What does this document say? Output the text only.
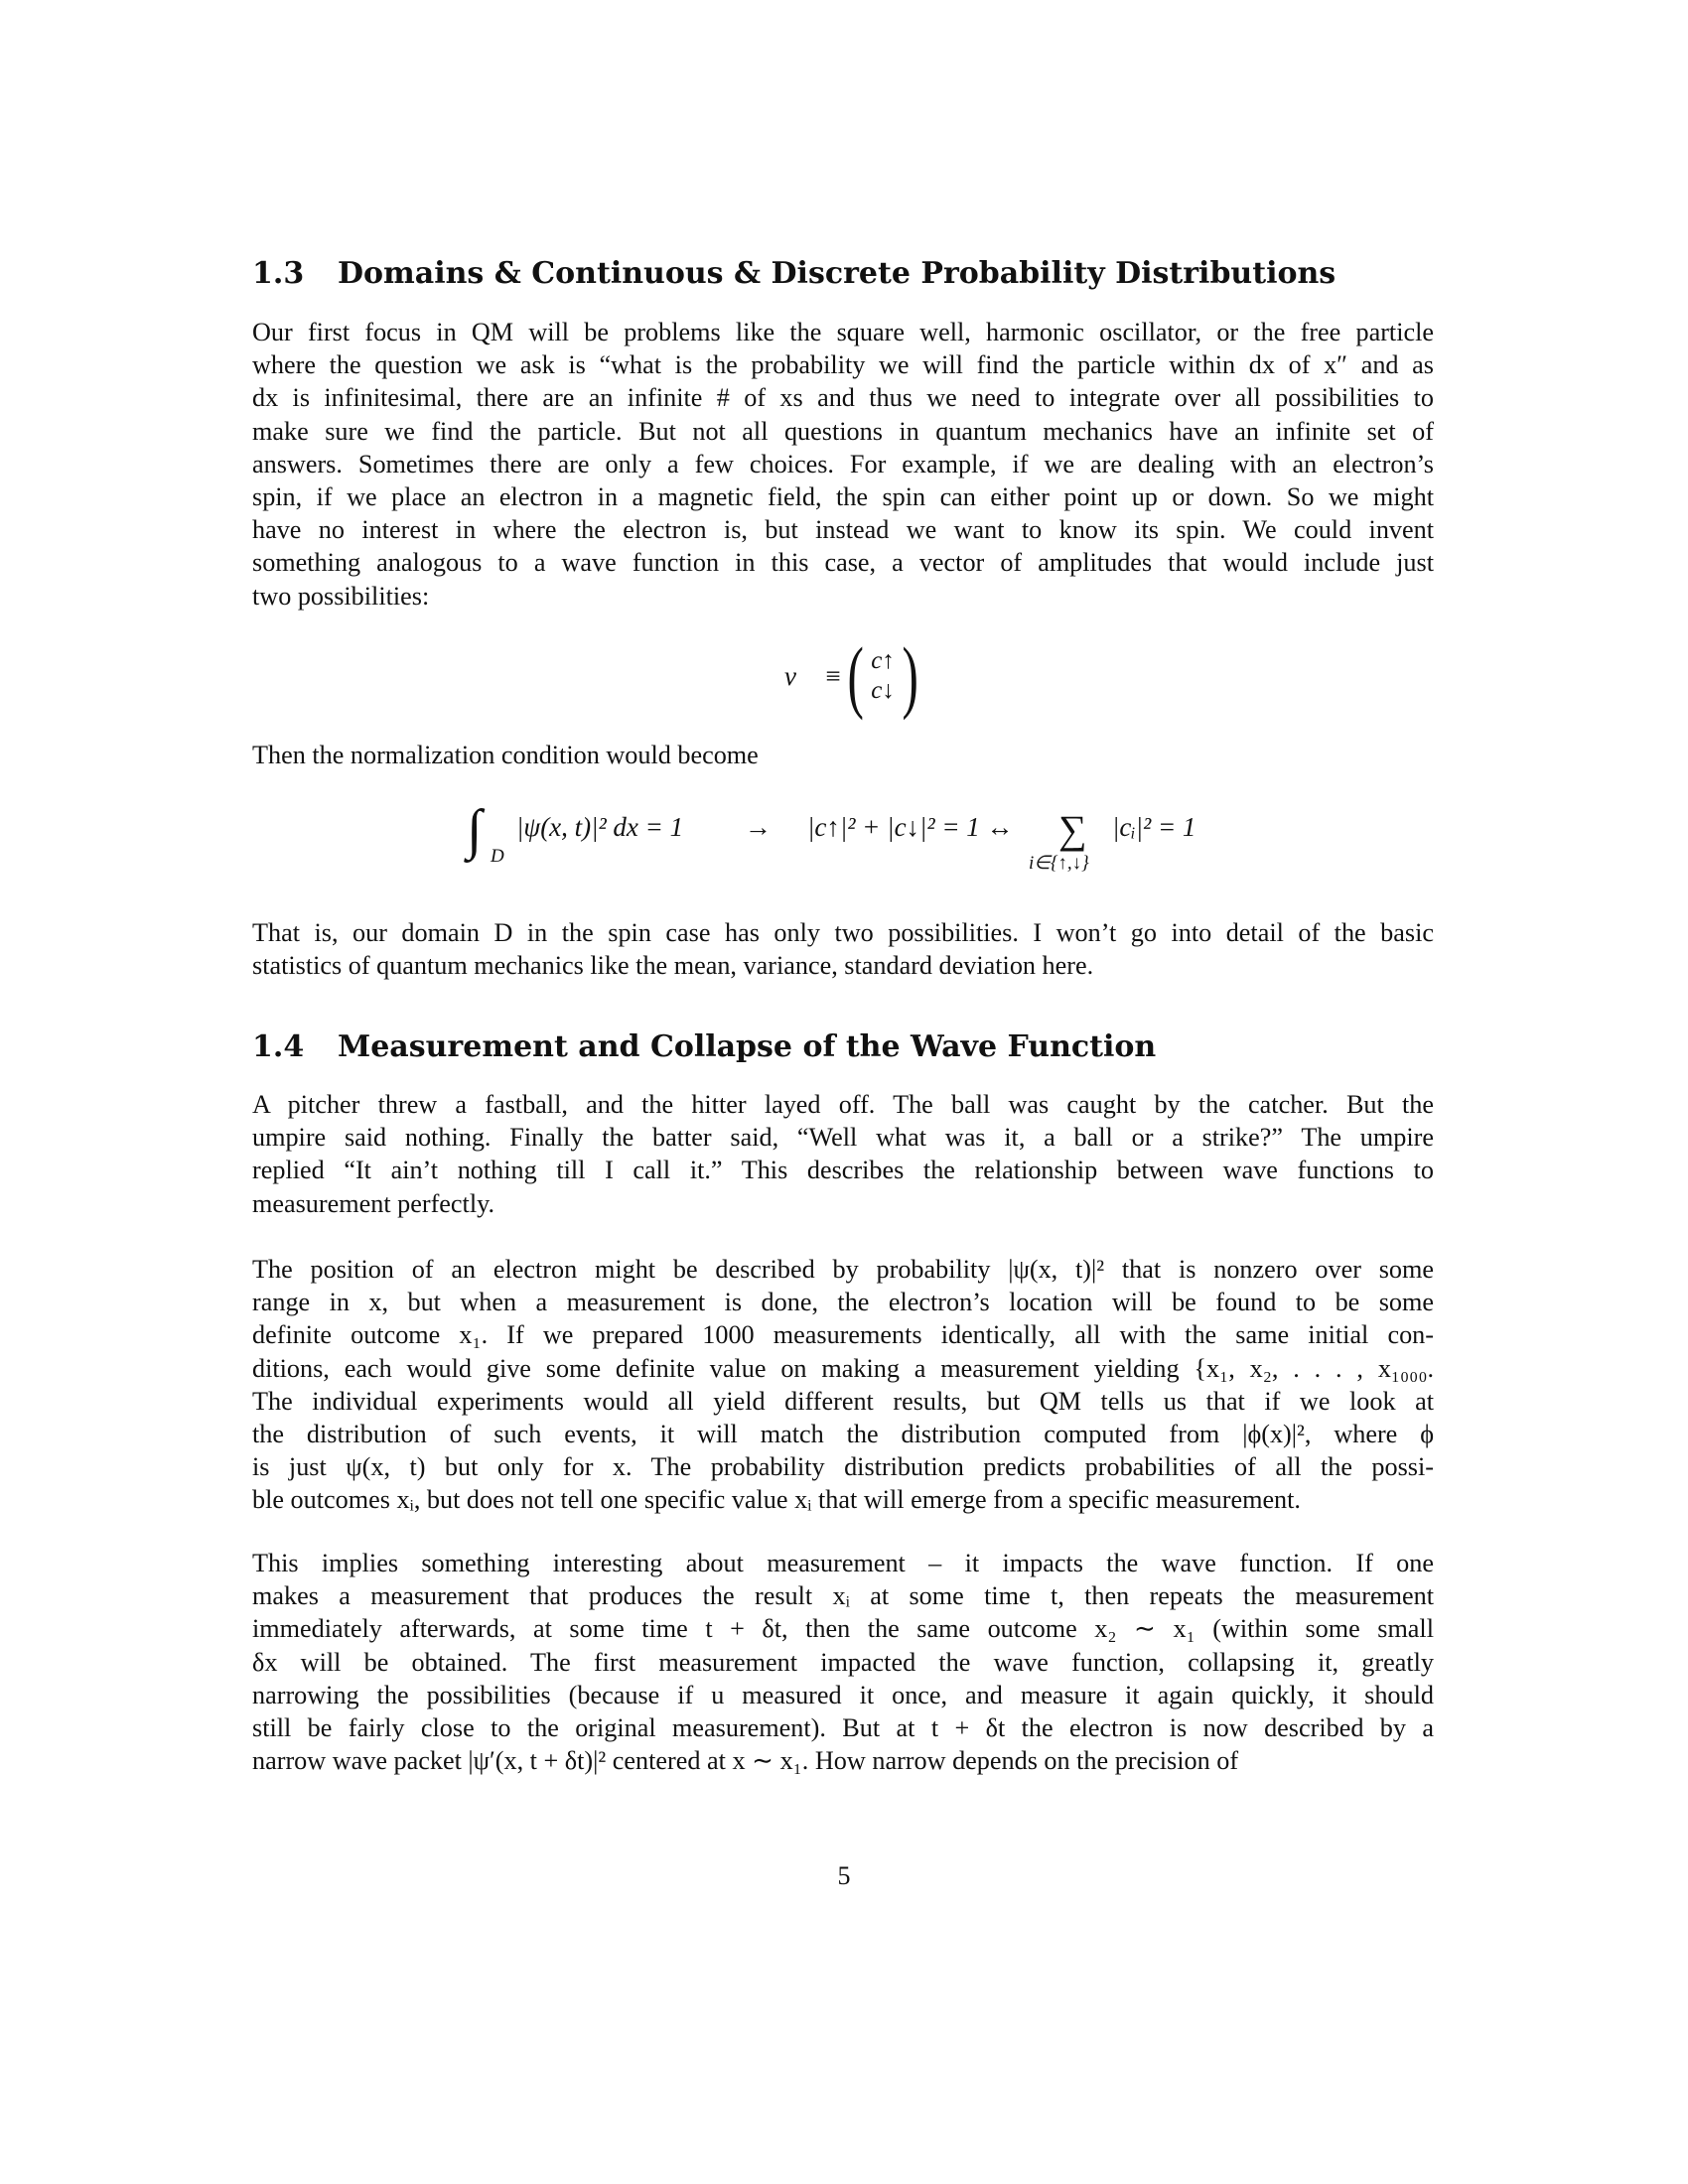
1.3 Domains & Continuous & Discrete Probability Distributions
Our first focus in QM will be problems like the square well, harmonic oscillator, or the free particle
where the question we ask is “what is the probability we will find the particle within dx of x″ and as
dx is infinitesimal, there are an infinite # of xs and thus we need to integrate over all possibilities to
make sure we find the particle. But not all questions in quantum mechanics have an infinite set of
answers. Sometimes there are only a few choices. For example, if we are dealing with an electron’s
spin, if we place an electron in a magnetic field, the spin can either point up or down. So we might
have no interest in where the electron is, but instead we want to know its spin. We could invent
something analogous to a wave function in this case, a vector of amplitudes that would include just
two possibilities:
Then the normalization condition would become
That is, our domain D in the spin case has only two possibilities. I won’t go into detail of the basic
statistics of quantum mechanics like the mean, variance, standard deviation here.
1.4 Measurement and Collapse of the Wave Function
A pitcher threw a fastball, and the hitter layed off. The ball was caught by the catcher. But the
umpire said nothing. Finally the batter said, “Well what was it, a ball or a strike?” The umpire
replied “It ain’t nothing till I call it.” This describes the relationship between wave functions to
measurement perfectly.
The position of an electron might be described by probability |ψ(x, t)|² that is nonzero over some
range in x, but when a measurement is done, the electron’s location will be found to be some
definite outcome x₁. If we prepared 1000 measurements identically, all with the same initial con-
ditions, each would give some definite value on making a measurement yielding {x₁, x₂, . . . , x₁₀₀₀.
The individual experiments would all yield different results, but QM tells us that if we look at
the distribution of such events, it will match the distribution computed from |ϕ(x)|², where ϕ
is just ψ(x, t) but only for x. The probability distribution predicts probabilities of all the possi-
ble outcomes xᵢ, but does not tell one specific value xᵢ that will emerge from a specific measurement.
This implies something interesting about measurement – it impacts the wave function. If one
makes a measurement that produces the result xᵢ at some time t, then repeats the measurement
immediately afterwards, at some time t + δt, then the same outcome x₂ ∼ x₁ (within some small
δx will be obtained. The first measurement impacted the wave function, collapsing it, greatly
narrowing the possibilities (because if u measured it once, and measure it again quickly, it should
still be fairly close to the original measurement). But at t + δt the electron is now described by a
narrow wave packet |ψ′(x, t + δt)|² centered at x ∼ x₁. How narrow depends on the precision of
v⃗ ≡ ( c↑
c↓ )
∫ D
|ψ(x, t)|² dx = 1 → |c↑|² + |c↓|² = 1 ↔ ∑
i∈{↑,↓}
|cᵢ|² = 1
5
